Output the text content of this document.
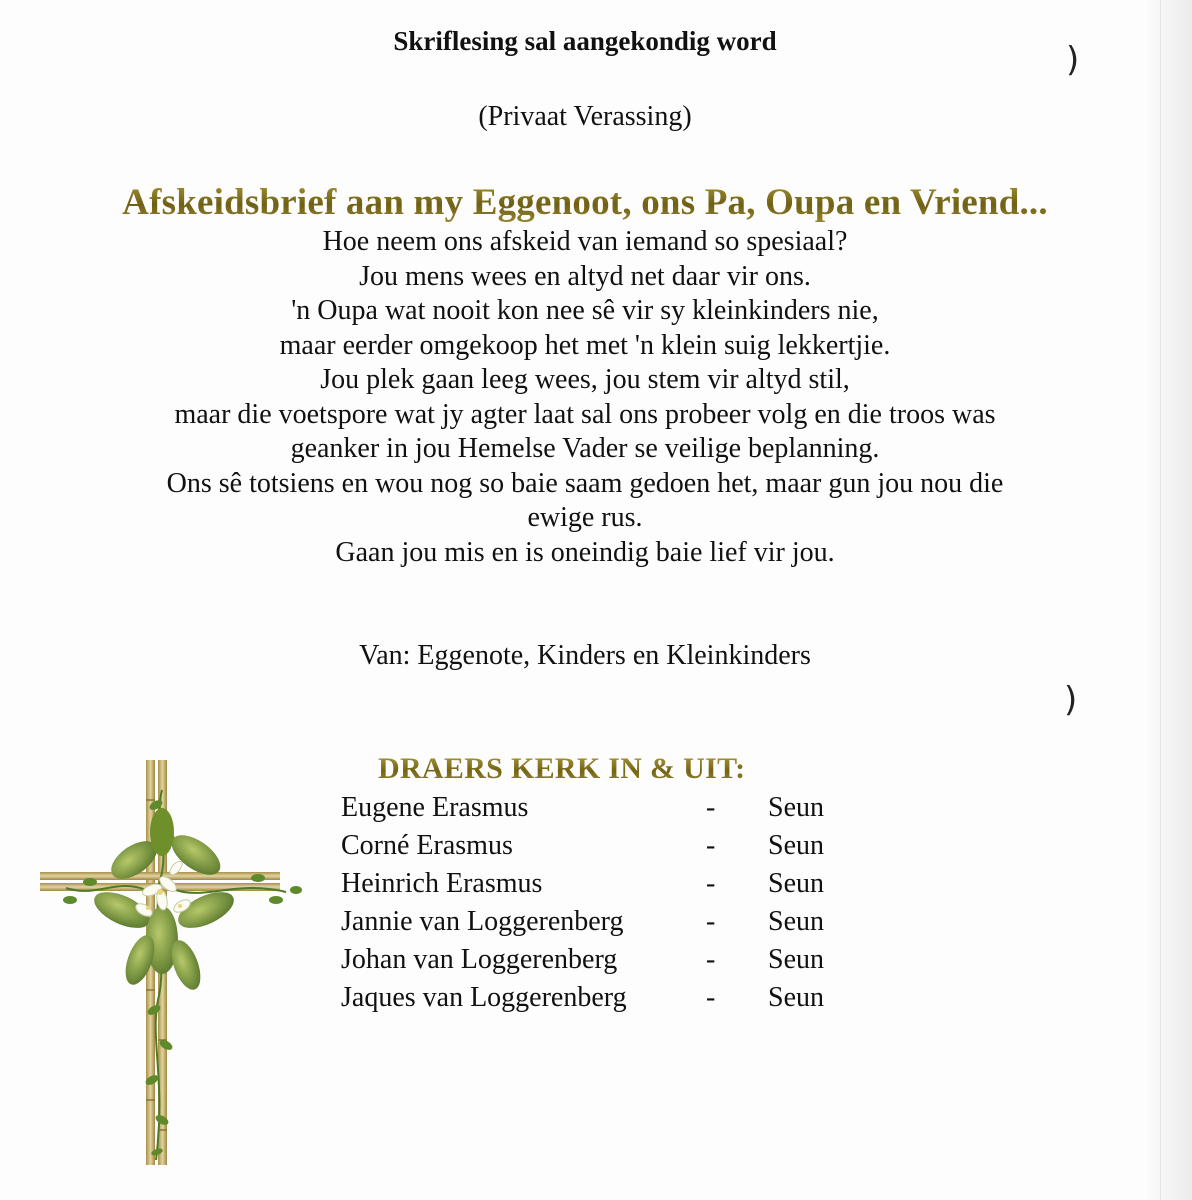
Skriflesing sal aangekondig word
(Privaat Verassing)
)
Afskeidsbrief aan my Eggenoot, ons Pa, Oupa en Vriend...
Hoe neem ons afskeid van iemand so spesiaal?
Jou mens wees en altyd net daar vir ons.
'n Oupa wat nooit kon nee sê vir sy kleinkinders nie,
maar eerder omgekoop het met 'n klein suig lekkertjie.
Jou plek gaan leeg wees, jou stem vir altyd stil,
maar die voetspore wat jy agter laat sal ons probeer volg en die troos was
geanker in jou Hemelse Vader se veilige beplanning.
Ons sê totsiens en wou nog so baie saam gedoen het, maar gun jou nou die
ewige rus.
Gaan jou mis en is oneindig baie lief vir jou.
Van: Eggenote, Kinders en Kleinkinders
)
DRAERS KERK IN & UIT:
Eugene Erasmus	- Seun
Corné Erasmus	- Seun
Heinrich Erasmus	- Seun
Jannie van Loggerenberg	- Seun
Johan van Loggerenberg	- Seun
Jaques van Loggerenberg	- Seun
